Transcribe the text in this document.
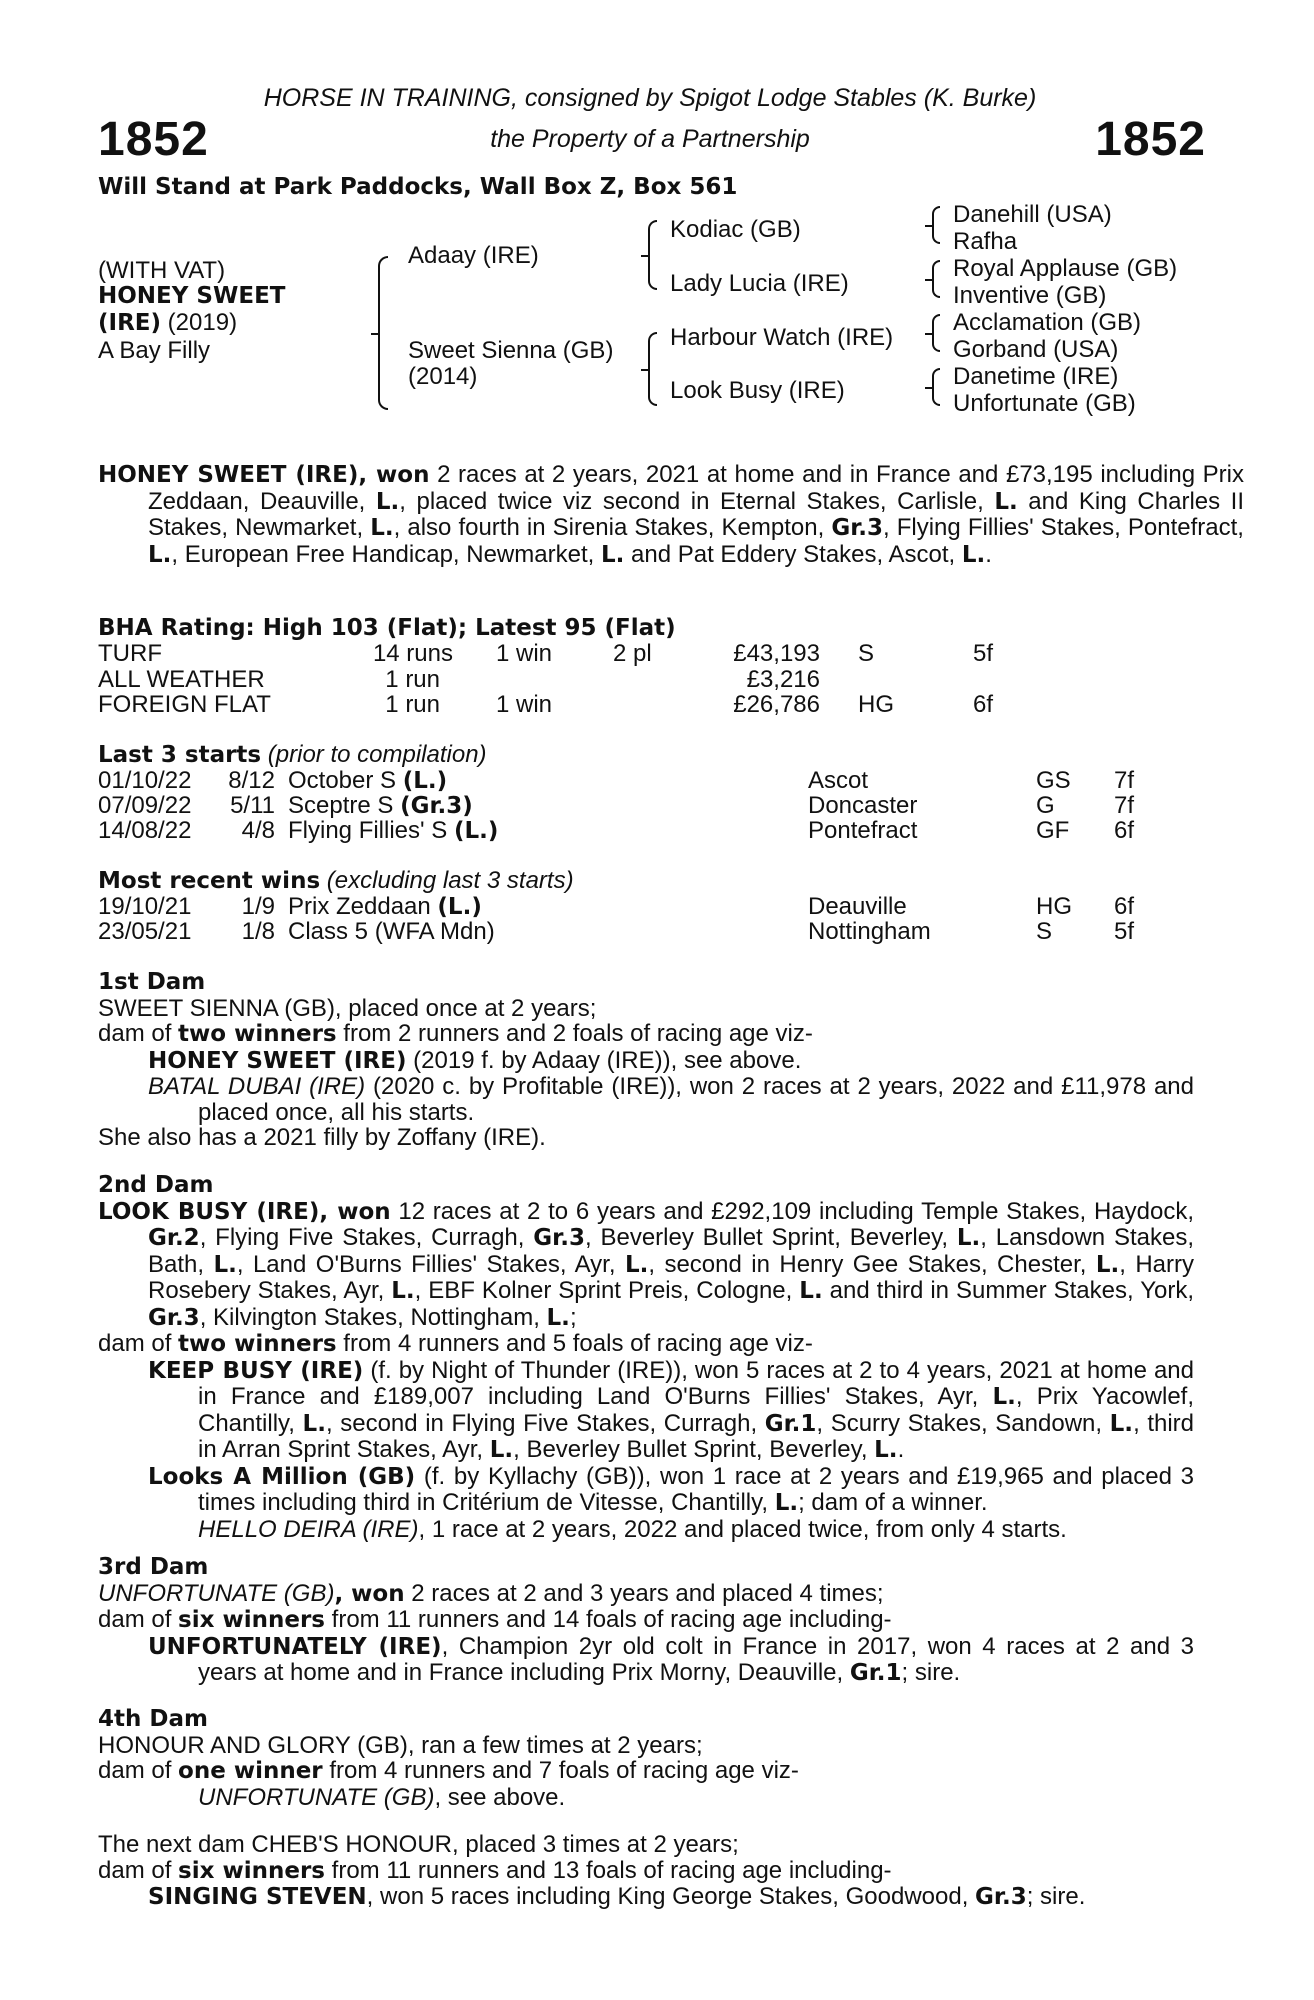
1852	1852
HORSE IN TRAINING, consigned by Spigot Lodge Stables (K. Burke)
the Property of a Partnership
Will Stand at Park Paddocks, Wall Box Z, Box 561
(WITH VAT)
HONEY SWEET
(IRE) (2019)
A Bay Filly
Adaay (IRE)
Sweet Sienna (GB)
(2014)
Kodiac (GB)
Lady Lucia (IRE)
Harbour Watch (IRE)
Look Busy (IRE)
Danehill (USA)
Rafha
Royal Applause (GB)
Inventive (GB)
Acclamation (GB)
Gorband (USA)
Danetime (IRE)
Unfortunate (GB)
HONEY SWEET (IRE), won 2 races at 2 years, 2021 at home and in France and £73,195 including Prix Zeddaan, Deauville, L., placed twice viz second in Eternal Stakes, Carlisle, L. and King Charles II Stakes, Newmarket, L., also fourth in Sirenia Stakes, Kempton, Gr.3, Flying Fillies' Stakes, Pontefract, L., European Free Handicap, Newmarket, L. and Pat Eddery Stakes, Ascot, L..
BHA Rating: High 103 (Flat); Latest 95 (Flat)
TURF	14 runs 1 win	2 pl	£43,193 S	5f
ALL WEATHER	1 run	£3,216
FOREIGN FLAT	1 run 1 win	£26,786 HG	6f
Last 3 starts (prior to compilation)
01/10/22	8/12 October S (L.)	Ascot	GS 7f
07/09/22	5/11 Sceptre S (Gr.3)	Doncaster	G 7f
14/08/22	4/8 Flying Fillies' S (L.)	Pontefract	GF 6f
Most recent wins (excluding last 3 starts)
19/10/21	1/9 Prix Zeddaan (L.)	Deauville	HG 6f
23/05/21	1/8 Class 5 (WFA Mdn)	Nottingham	S	5f
1st Dam
SWEET SIENNA (GB), placed once at 2 years;
dam of two winners from 2 runners and 2 foals of racing age viz-
HONEY SWEET (IRE) (2019 f. by Adaay (IRE)), see above.
BATAL DUBAI (IRE) (2020 c. by Profitable (IRE)), won 2 races at 2 years, 2022 and £11,978 and placed once, all his starts.
She also has a 2021 filly by Zoffany (IRE).
2nd Dam
LOOK BUSY (IRE), won 12 races at 2 to 6 years and £292,109 including Temple Stakes, Haydock, Gr.2, Flying Five Stakes, Curragh, Gr.3, Beverley Bullet Sprint, Beverley, L., Lansdown Stakes, Bath, L., Land O'Burns Fillies' Stakes, Ayr, L., second in Henry Gee Stakes, Chester, L., Harry Rosebery Stakes, Ayr, L., EBF Kolner Sprint Preis, Cologne, L. and third in Summer Stakes, York, Gr.3, Kilvington Stakes, Nottingham, L.;
dam of two winners from 4 runners and 5 foals of racing age viz-
KEEP BUSY (IRE) (f. by Night of Thunder (IRE)), won 5 races at 2 to 4 years, 2021 at home and in France and £189,007 including Land O'Burns Fillies' Stakes, Ayr, L., Prix Yacowlef, Chantilly, L., second in Flying Five Stakes, Curragh, Gr.1, Scurry Stakes, Sandown, L., third in Arran Sprint Stakes, Ayr, L., Beverley Bullet Sprint, Beverley, L..
Looks A Million (GB) (f. by Kyllachy (GB)), won 1 race at 2 years and £19,965 and placed 3 times including third in Critérium de Vitesse, Chantilly, L.; dam of a winner.
HELLO DEIRA (IRE), 1 race at 2 years, 2022 and placed twice, from only 4 starts.
3rd Dam
UNFORTUNATE (GB), won 2 races at 2 and 3 years and placed 4 times;
dam of six winners from 11 runners and 14 foals of racing age including-
UNFORTUNATELY (IRE), Champion 2yr old colt in France in 2017, won 4 races at 2 and 3 years at home and in France including Prix Morny, Deauville, Gr.1; sire.
4th Dam
HONOUR AND GLORY (GB), ran a few times at 2 years;
dam of one winner from 4 runners and 7 foals of racing age viz-
UNFORTUNATE (GB), see above.
The next dam CHEB'S HONOUR, placed 3 times at 2 years;
dam of six winners from 11 runners and 13 foals of racing age including-
SINGING STEVEN, won 5 races including King George Stakes, Goodwood, Gr.3; sire.
